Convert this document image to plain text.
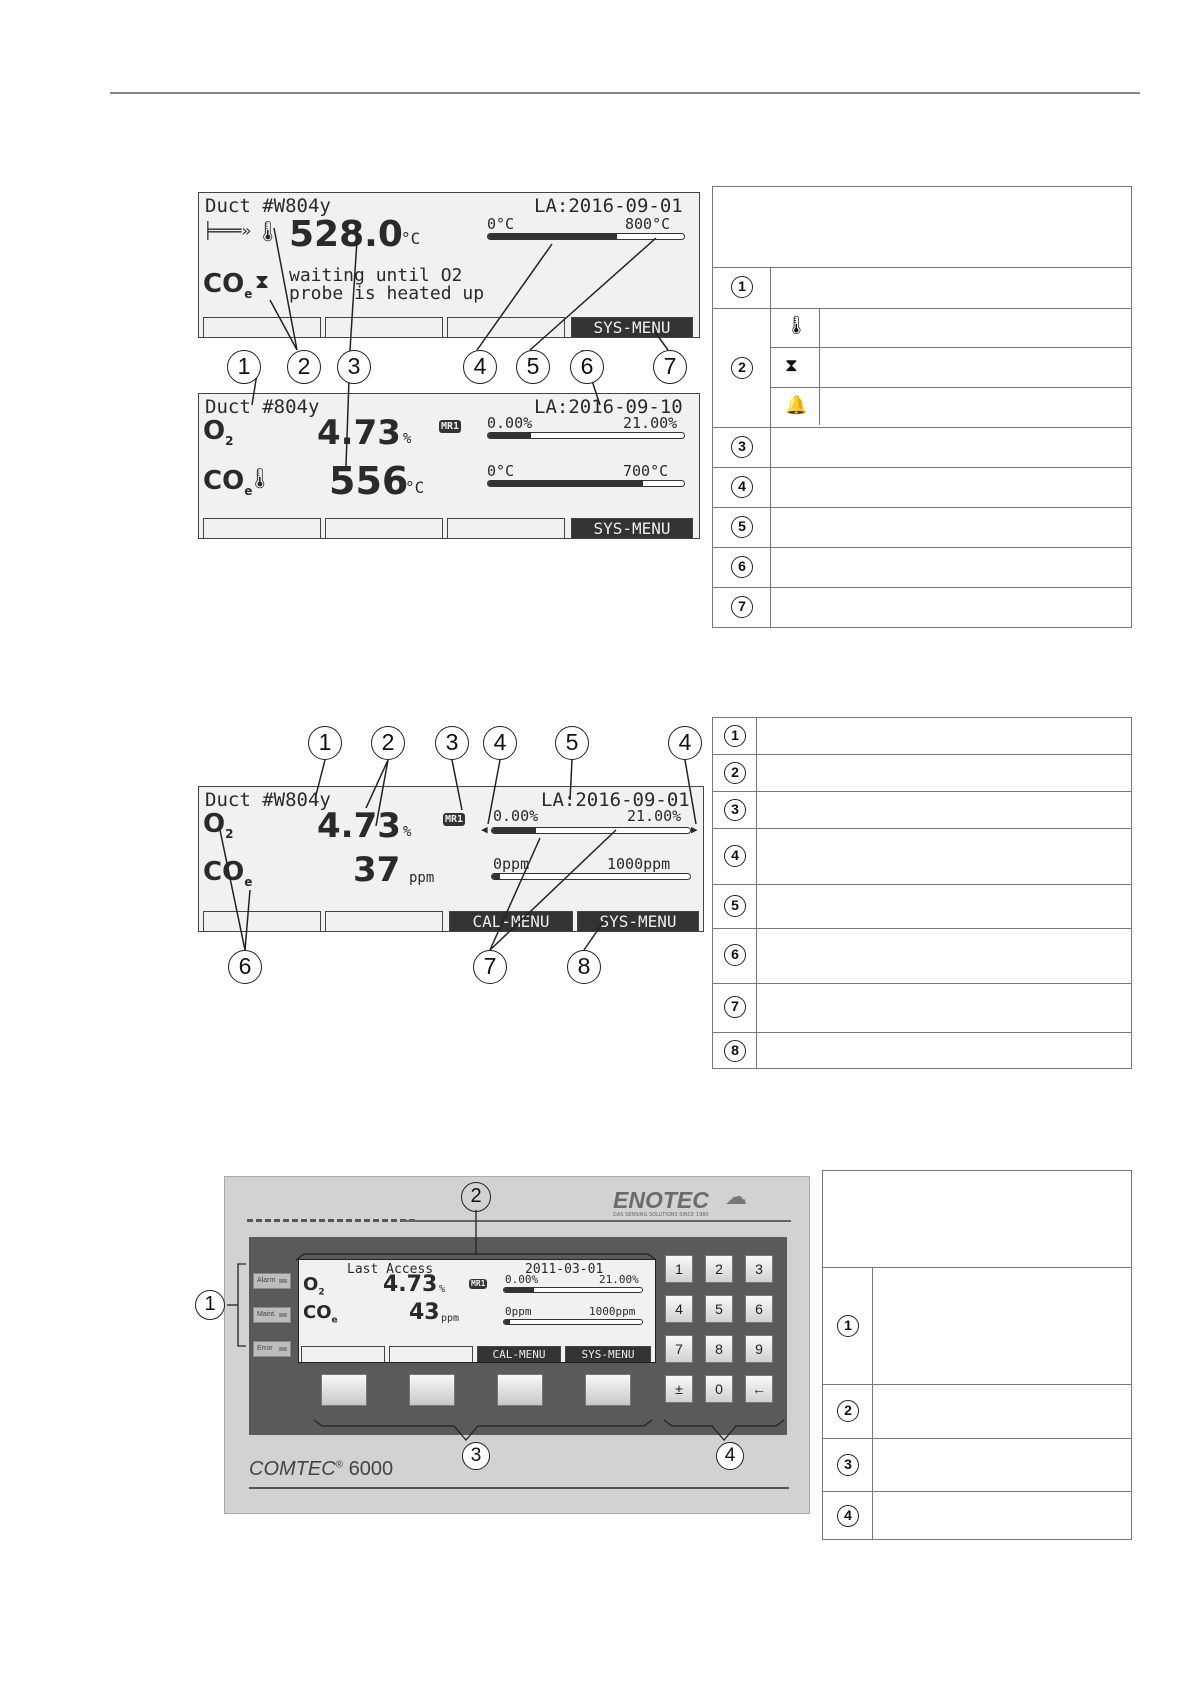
Duct #W804y	LA:2016-09-01
╞═══» 🌡 528.0
°C
0°C	800°C
$CO_e$
⧗ waiting until O2
probe is heated up
SYS-MENU
Duct #804y	LA:2016-09-10
$O_2$ 4.73 %
MR1 0.00%	21.00%
$CO_e$
🌡 556
°C
0°C	700°C
SYS-MENU
1	2	3	4	5	6	7
1
2
🌡
⧗
🔔
3
4
5
6
7
Duct #W804y	LA:2016-09-01
$O_2$ 4.73 %
MR1 0.00%	21.00%
◀	▶
$CO_e$	37 ppm
0ppm	1000ppm
CAL-MENU	SYS-MENU
1	2	3	4	5	4
6	7	8
1
2
3
4
5
6
7
8
ENOTEC ☁
GAS SENSING SOLUTIONS SINCE 1980
Alarm
Maint.
Error
Last Access	2011-03-01
$O_2$	4.73 %
MR1 0.00%	21.00%
$CO_e$	43 ppm
0ppm	1000ppm
CAL-MENU	SYS-MENU
1	2	3
4	5	6
7	8	9
±	0	←
COMTEC® 6000
1
2
3	4
1
2
3
4
